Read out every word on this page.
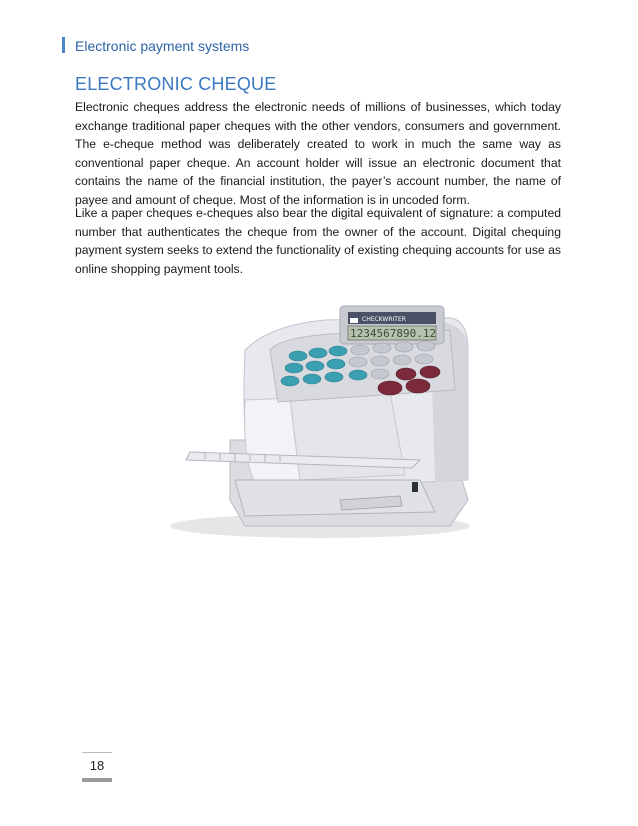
Electronic payment systems
ELECTRONIC CHEQUE

Electronic cheques address the electronic needs of millions of businesses, which today exchange traditional paper cheques with the other vendors, consumers and government. The e-cheque method was deliberately created to work in much the same way as conventional paper cheque. An account holder will issue an electronic document that contains the name of the financial institution, the payer’s account number, the name of payee and amount of cheque. Most of the information is in uncoded form.

Like a paper cheques e-cheques also bear the digital equivalent of signature: a computed number that authenticates the cheque from the owner of the account. Digital chequing payment system seeks to extend the functionality of existing chequing accounts for use as online shopping payment tools.

CHECKWRITER
1234567890.12
18
